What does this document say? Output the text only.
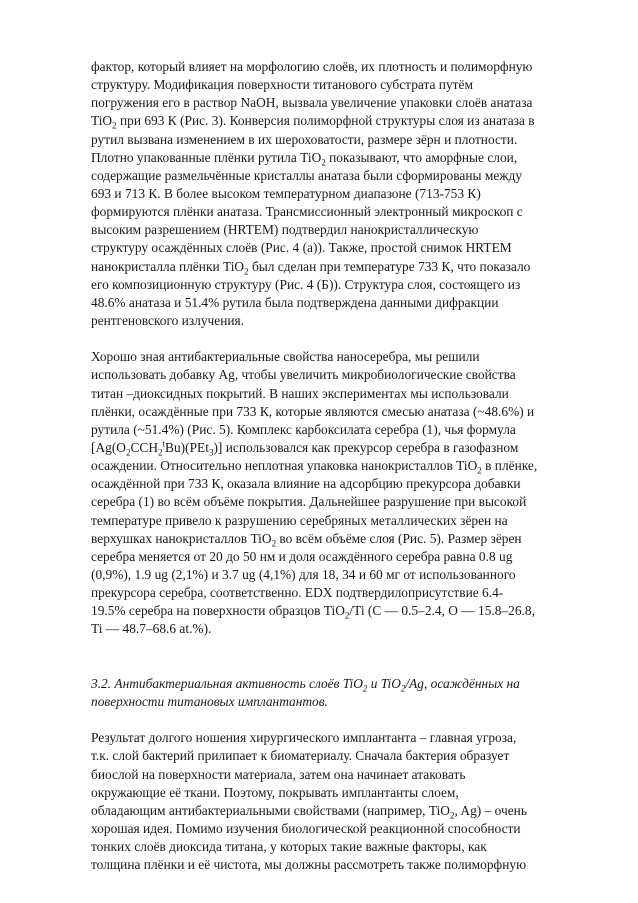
фактор, который влияет на морфологию слоёв, их плотность и полиморфную
структуру. Модификация поверхности титанового субстрата путём
погружения его в раствор NaOH, вызвала увеличение упаковки слоёв анатаза
TiO$_2$ при 693 К (Рис. 3). Конверсия полиморфной структуры слоя из анатаза в
рутил вызвана изменением в их шероховатости, размере зёрн и плотности.
Плотно упакованные плёнки рутила TiO$_2$ показывают, что аморфные слои,
содержащие размельчённые кристаллы анатаза были сформированы между
693 и 713 К. В более высоком температурном диапазоне (713-753 К)
формируются плёнки анатаза. Трансмиссионный электронный микроскоп с
высоким разрешением (HRTEM) подтвердил нанокристаллическую
структуру осаждённых слоёв (Рис. 4 (а)). Также, простой снимок HRTEM
нанокристалла плёнки TiO$_2$ был сделан при температуре 733 К, что показало
его композиционную структуру (Рис. 4 (Б)). Структура слоя, состоящего из
48.6% анатаза и 51.4% рутила была подтверждена данными дифракции
рентгеновского излучения.
Хорошо зная антибактериальные свойства наносеребра, мы решили
использовать добавку Ag, чтобы увеличить микробиологические свойства
титан –диоксидных покрытий. В наших экспериментах мы использовали
плёнки, осаждённые при 733 К, которые являются смесью анатаза (~48.6%) и
рутила (~51.4%) (Рис. 5). Комплекс карбоксилата серебра (1), чья формула
$[Ag(O_2CCH_2^tBu)(PEt_3)]$ использовался как прекурсор серебра в газофазном
осаждении. Относительно неплотная упаковка нанокристаллов TiO$_2$ в плёнке,
осаждённой при 733 К, оказала влияние на адсорбцию прекурсора добавки
серебра (1) во всём объёме покрытия. Дальнейшее разрушение при высокой
температуре привело к разрушению серебряных металлических зёрен на
верхушках нанокристаллов TiO$_2$ во всём объёме слоя (Рис. 5). Размер зёрен
серебра меняется от 20 до 50 нм и доля осаждённого серебра равна 0.8 ug
(0,9%), 1.9 ug (2,1%) и 3.7 ug (4,1%) для 18, 34 и 60 мг от использованного
прекурсора серебра, соответственно. EDX подтвердилоприсутствие 6.4-
19.5% серебра на поверхности образцов TiO$_2$/Ti (C — 0.5–2.4, O — 15.8–26.8,
Ti — 48.7–68.6 at.%).
3.2. Антибактериальная активность слоёв TiO$_2$ и TiO$_2$/Ag, осаждённых на
поверхности титановых имплантантов.
Результат долгого ношения хирургического имплантанта – главная угроза,
т.к. слой бактерий прилипает к биоматериалу. Сначала бактерия образует
биослой на поверхности материала, затем она начинает атаковать
окружающие её ткани. Поэтому, покрывать имплантанты слоем,
обладающим антибактериальными свойствами (например, TiO$_2$, Ag) – очень
хорошая идея. Помимо изучения биологической реакционной способности
тонких слоёв диоксида титана, у которых такие важные факторы, как
толщина плёнки и её чистота, мы должны рассмотреть также полиморфную
